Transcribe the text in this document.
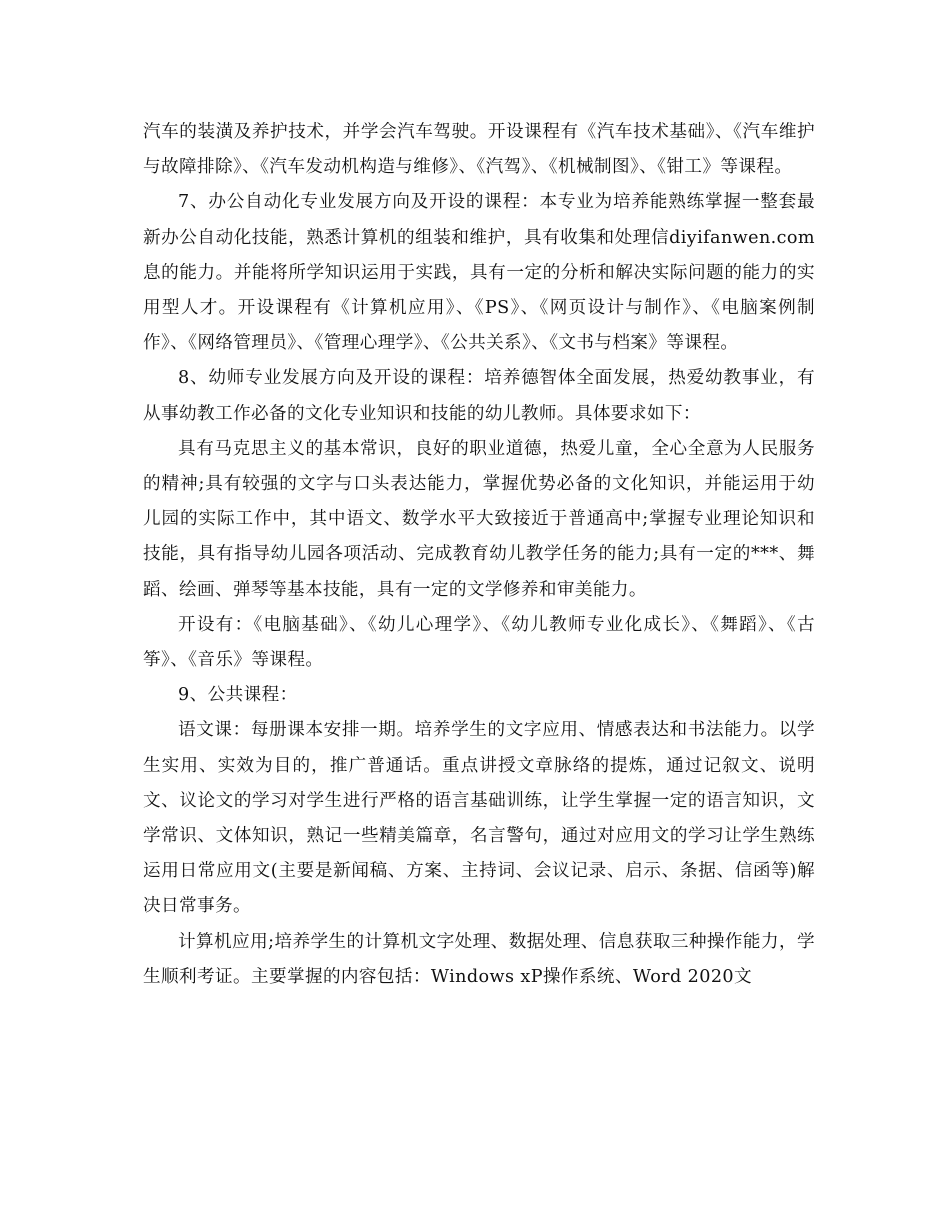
汽车的装潢及养护技术，并学会汽车驾驶。开设课程有《汽车技术基础》、《汽车维护与故障排除》、《汽车发动机构造与维修》、《汽驾》、《机械制图》、《钳工》等课程。

7、办公自动化专业发展方向及开设的课程：本专业为培养能熟练掌握一整套最新办公自动化技能，熟悉计算机的组装和维护，具有收集和处理信diyifanwen.com息的能力。并能将所学知识运用于实践，具有一定的分析和解决实际问题的能力的实用型人才。开设课程有《计算机应用》、《PS》、《网页设计与制作》、《电脑案例制作》、《网络管理员》、《管理心理学》、《公共关系》、《文书与档案》等课程。

8、幼师专业发展方向及开设的课程：培养德智体全面发展，热爱幼教事业，有从事幼教工作必备的文化专业知识和技能的幼儿教师。具体要求如下：

具有马克思主义的基本常识，良好的职业道德，热爱儿童，全心全意为人民服务的精神;具有较强的文字与口头表达能力，掌握优势必备的文化知识，并能运用于幼儿园的实际工作中，其中语文、数学水平大致接近于普通高中;掌握专业理论知识和技能，具有指导幼儿园各项活动、完成教育幼儿教学任务的能力;具有一定的***、舞蹈、绘画、弹琴等基本技能，具有一定的文学修养和审美能力。

开设有：《电脑基础》、《幼儿心理学》、《幼儿教师专业化成长》、《舞蹈》、《古筝》、《音乐》等课程。

9、公共课程：

语文课：每册课本安排一期。培养学生的文字应用、情感表达和书法能力。以学生实用、实效为目的，推广普通话。重点讲授文章脉络的提炼，通过记叙文、说明文、议论文的学习对学生进行严格的语言基础训练，让学生掌握一定的语言知识，文学常识、文体知识，熟记一些精美篇章，名言警句，通过对应用文的学习让学生熟练运用日常应用文(主要是新闻稿、方案、主持词、会议记录、启示、条据、信函等)解决日常事务。

计算机应用;培养学生的计算机文字处理、数据处理、信息获取三种操作能力，学生顺利考证。主要掌握的内容包括：Windows xP操作系统、Word 2020文
